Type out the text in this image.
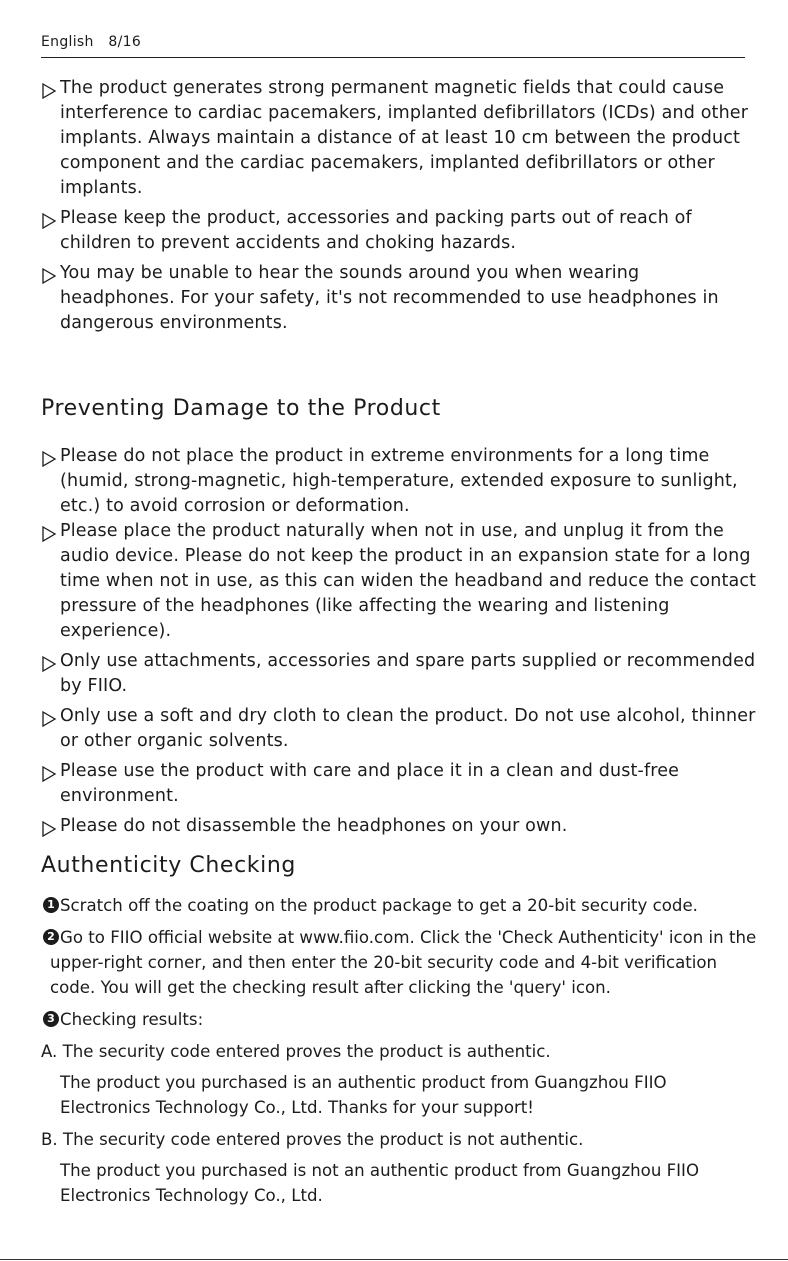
English 8/16
The product generates strong permanent magnetic fields that could cause interference to cardiac pacemakers, implanted defibrillators (ICDs) and other implants. Always maintain a distance of at least 10 cm between the product component and the cardiac pacemakers, implanted defibrillators or other implants.
Please keep the product, accessories and packing parts out of reach of children to prevent accidents and choking hazards.
You may be unable to hear the sounds around you when wearing headphones. For your safety, it's not recommended to use headphones in dangerous environments.
Preventing Damage to the Product
Please do not place the product in extreme environments for a long time (humid, strong-magnetic, high-temperature, extended exposure to sunlight, etc.) to avoid corrosion or deformation.
Please place the product naturally when not in use, and unplug it from the audio device. Please do not keep the product in an expansion state for a long time when not in use, as this can widen the headband and reduce the contact pressure of the headphones (like affecting the wearing and listening experience).
Only use attachments, accessories and spare parts supplied or recommended by FIIO.
Only use a soft and dry cloth to clean the product. Do not use alcohol, thinner or other organic solvents.
Please use the product with care and place it in a clean and dust-free environment.
Please do not disassemble the headphones on your own.
Authenticity Checking
1 Scratch off the coating on the product package to get a 20-bit security code.
2 Go to FIIO official website at www.fiio.com. Click the 'Check Authenticity' icon in the
upper-right corner, and then enter the 20-bit security code and 4-bit verification code. You will get the checking result after clicking the 'query' icon.
3 Checking results:
A. The security code entered proves the product is authentic.
The product you purchased is an authentic product from Guangzhou FIIO Electronics Technology Co., Ltd. Thanks for your support!
B. The security code entered proves the product is not authentic.
The product you purchased is not an authentic product from Guangzhou FIIO Electronics Technology Co., Ltd.
